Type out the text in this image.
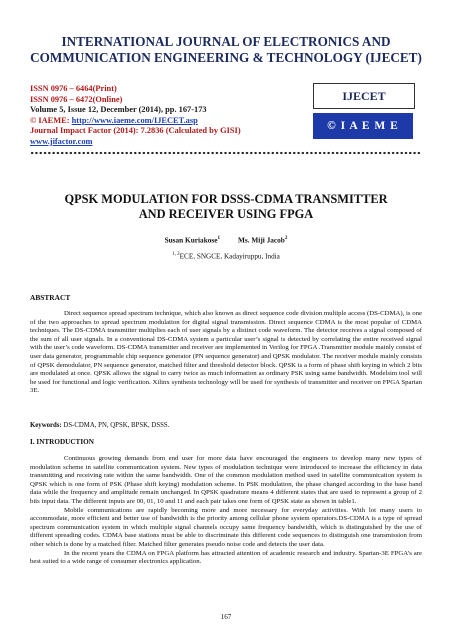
INTERNATIONAL JOURNAL OF ELECTRONICS AND
COMMUNICATION ENGINEERING & TECHNOLOGY (IJECET)
ISSN 0976 – 6464(Print)
ISSN 0976 – 6472(Online)
Volume 5, Issue 12, December (2014), pp. 167-173
© IAEME: http://www.iaeme.com/IJECET.asp
Journal Impact Factor (2014): 7.2836 (Calculated by GISI)
www.jifactor.com
IJECET
© I A E M E
QPSK MODULATION FOR DSSS-CDMA TRANSMITTER
AND RECEIVER USING FPGA
Susan Kuriakose$^1$ Ms. Miji Jacob$^2$
$^{1, 2}$ECE, SNGCE, Kadayiruppu, India
ABSTRACT

Direct sequence spread spectrum technique, which also known as direct sequence code division multiple access (DS-CDMA), is one of the two approaches to spread spectrum modulation for digital signal transmission. Direct sequence CDMA is the most popular of CDMA techniques. The DS-CDMA transmitter multiplies each of user signals by a distinct code waveform. The detector receives a signal composed of the sum of all user signals. In a conventional DS-CDMA system a particular user’s signal is detected by correlating the entire received signal with the user’s code waveform. DS-CDMA transmitter and receiver are implemented in Verilog for FPGA .Transmitter module mainly consist of user data generator, programmable chip sequence generator (PN sequence generator) and QPSK modulator. The receiver module mainly consists of QPSK demodulator, PN sequence generator, matched filter and threshold detector block. QPSK is a form of phase shift keying in which 2 bits are modulated at once. QPSK allows the signal to carry twice as much information as ordinary PSK using same bandwidth. Modelsim tool will be used for functional and logic verification. Xilinx synthesis technology will be used for synthesis of transmitter and receiver on FPGA Spartan 3E.

Keywords: DS-CDMA, PN, QPSK, BPSK, DSSS.
I. INTRODUCTION

Continuous growing demands from end user for more data have encouraged the engineers to develop many new types of modulation scheme in satellite communication system. New types of modulation technique were introduced to increase the efficiency in data transmitting and receiving rate within the same bandwidth. One of the common modulation method used in satellite communication system is QPSK which is one form of PSK (Phase shift keying) modulation scheme. In PSK modulation, the phase changed according to the base band data while the frequency and amplitude remain unchanged. In QPSK quadrature means 4 different states that are used to represent a group of 2 bits input data. The different inputs are 00, 01, 10 and 11 and each pair takes one form of QPSK state as shown in table1.

Mobile communications are rapidly becoming more and more necessary for everyday activities. With lot many users to accommodate, more efficient and better use of bandwidth is the priority among cellular phone system operators.DS-CDMA is a type of spread spectrum communication system in which multiple signal channels occupy same frequency bandwidth, which is distinguished by the use of different spreading codes. CDMA base stations must be able to discriminate this different code sequences to distinguish one transmission from other which is done by a matched filter. Matched filter generates pseudo noise code and detects the user data.

In the recent years the CDMA on FPGA platform has attracted attention of academic research and industry. Spartan-3E FPGA’s are best suited to a wide range of consumer electronics application.

167
